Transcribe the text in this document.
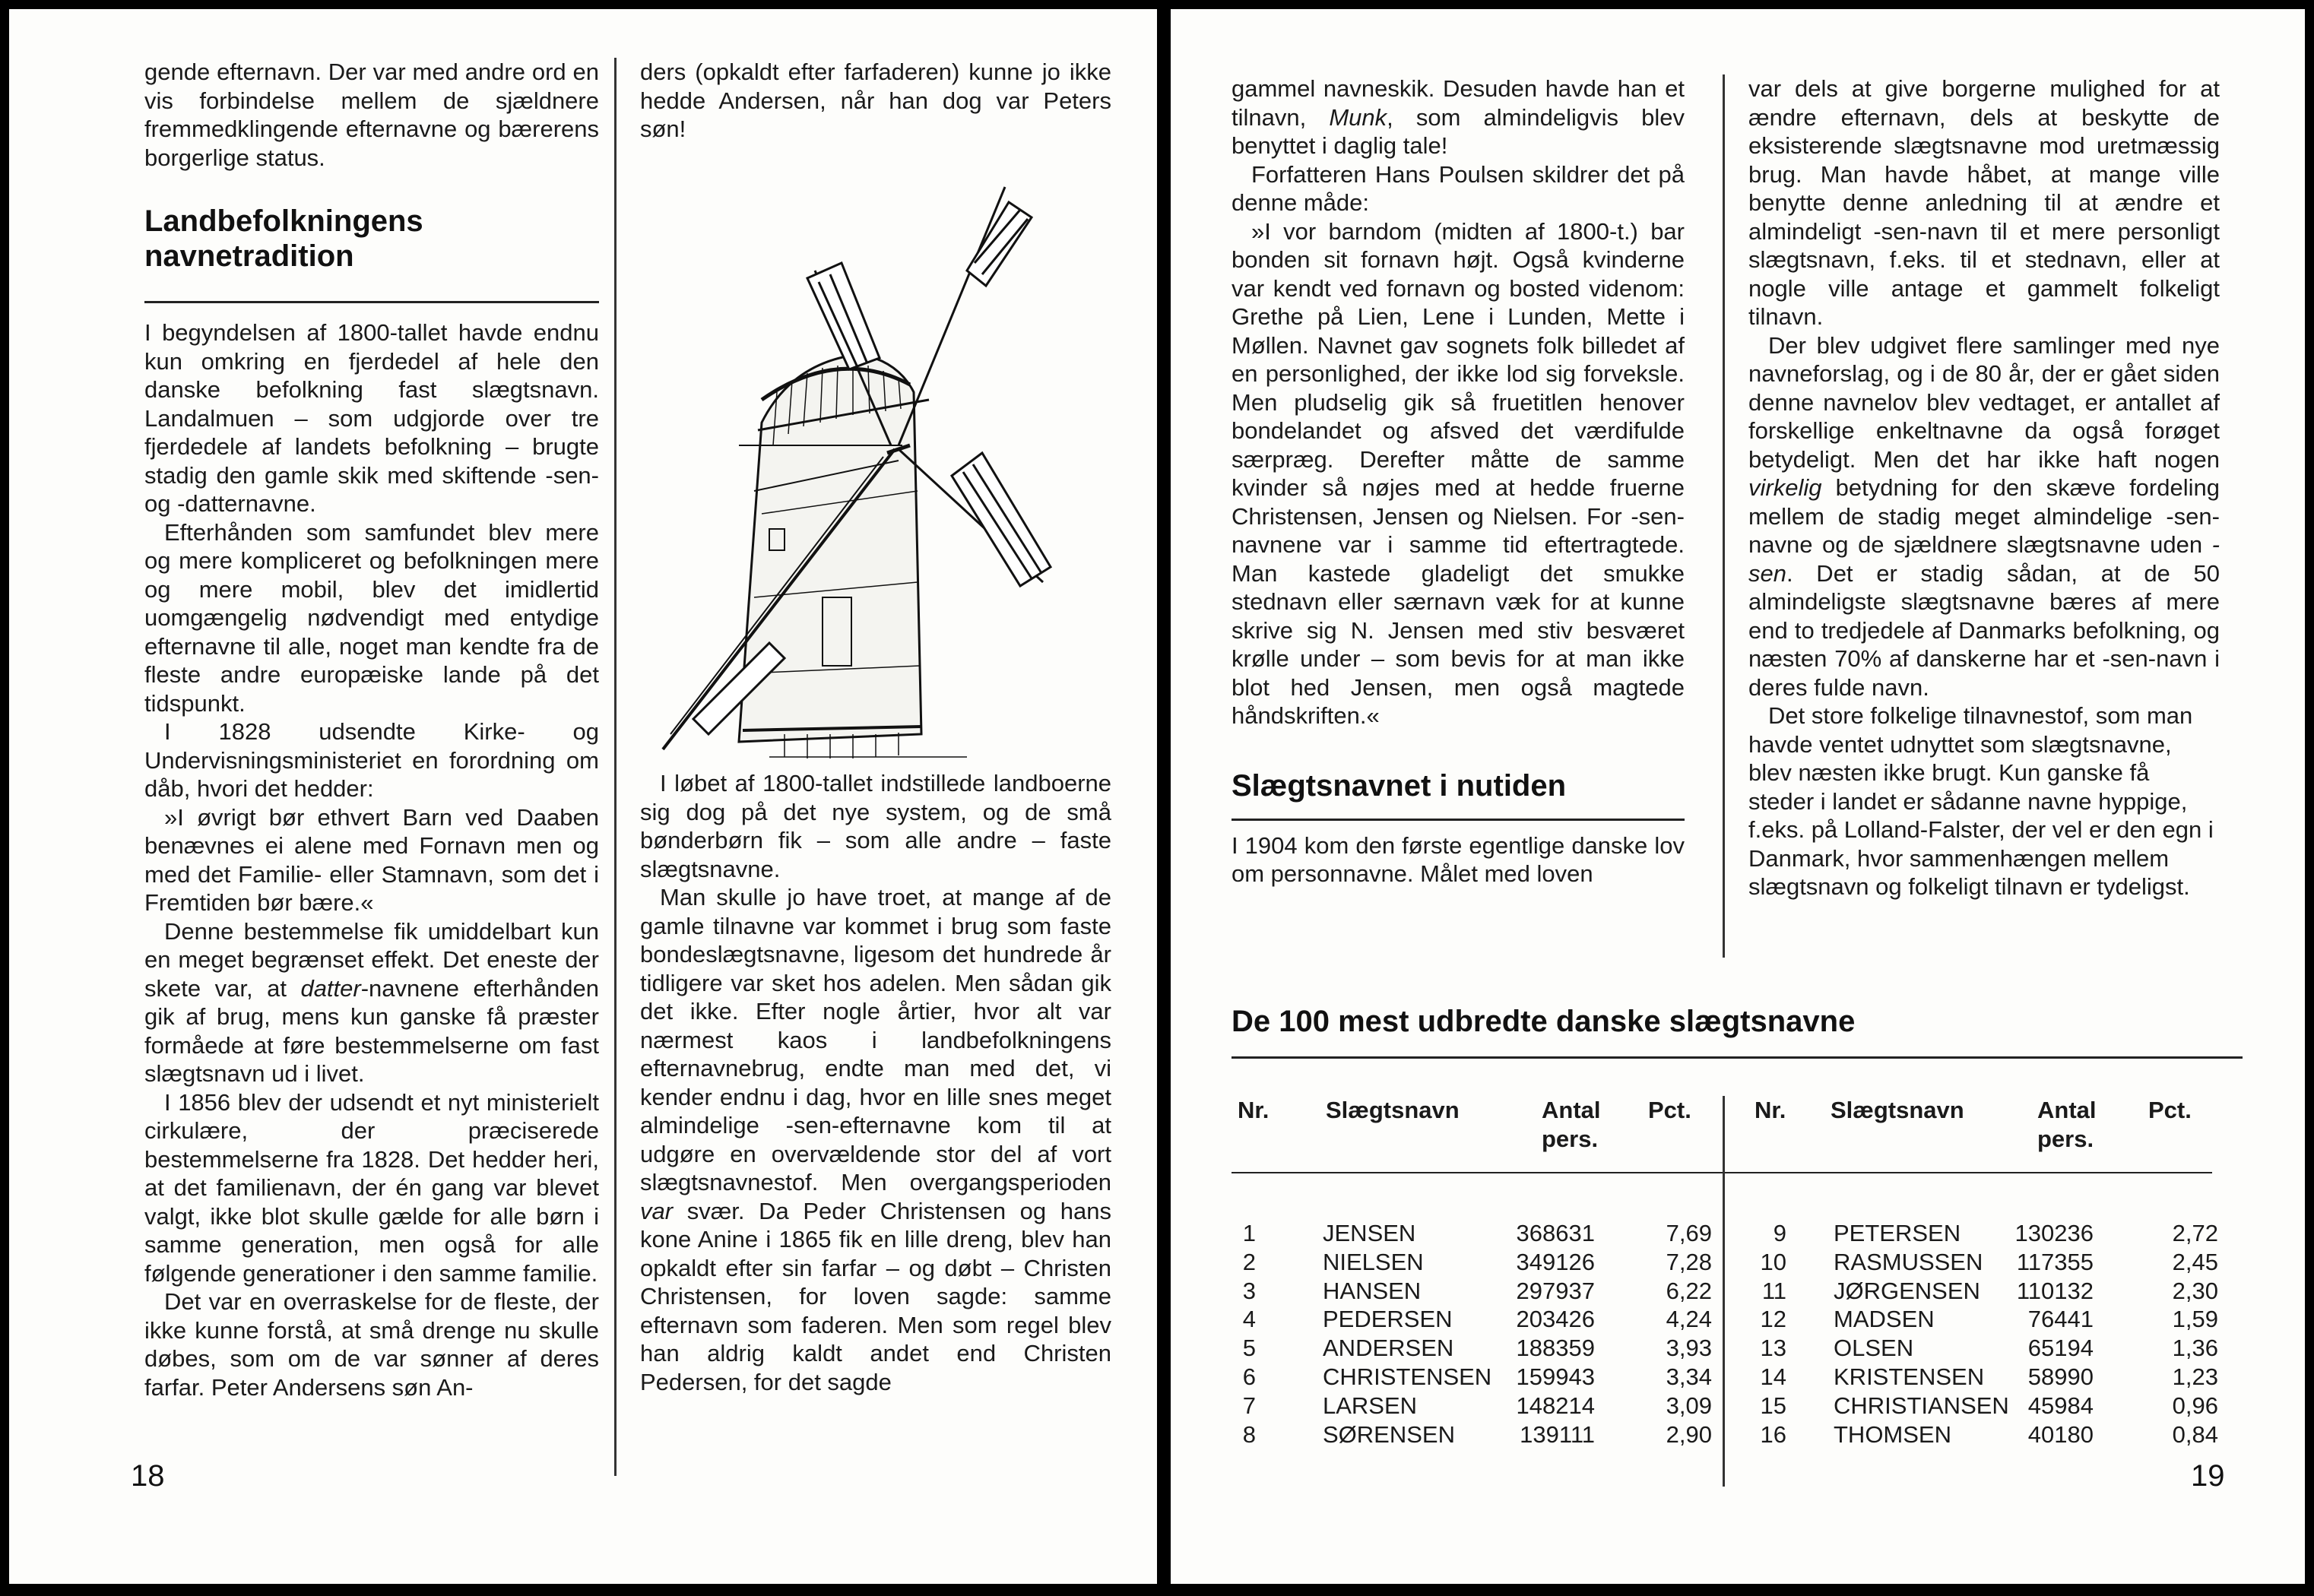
gende efternavn. Der var med andre ord en vis forbindelse mellem de sjældnere fremmedklingende efternavne og bærerens borgerlige status.

Landbefolkningens navnetradition

I begyndelsen af 1800-tallet havde endnu kun omkring en fjerdedel af hele den danske befolkning fast slægtsnavn. Landalmuen – som udgjorde over tre fjerdedele af landets befolkning – brugte stadig den gamle skik med skiftende -sen- og -datternavne.

Efterhånden som samfundet blev mere og mere kompliceret og befolkningen mere og mere mobil, blev det imidlertid uomgængelig nødvendigt med entydige efternavne til alle, noget man kendte fra de fleste andre europæiske lande på det tidspunkt.

I 1828 udsendte Kirke- og Undervisningsministeriet en forordning om dåb, hvori det hedder:

»I øvrigt bør ethvert Barn ved Daaben benævnes ei alene med Fornavn men og med det Familie- eller Stamnavn, som det i Fremtiden bør bære.«

Denne bestemmelse fik umiddelbart kun en meget begrænset effekt. Det eneste der skete var, at datter-navnene efterhånden gik af brug, mens kun ganske få præster formåede at føre bestemmelserne om fast slægtsnavn ud i livet.

I 1856 blev der udsendt et nyt ministerielt cirkulære, der præciserede bestemmelserne fra 1828. Det hedder heri, at det familienavn, der én gang var blevet valgt, ikke blot skulle gælde for alle børn i samme generation, men også for alle følgende generationer i den samme familie.

Det var en overraskelse for de fleste, der ikke kunne forstå, at små drenge nu skulle døbes, som om de var sønner af deres farfar. Peter Andersens søn An-

ders (opkaldt efter farfaderen) kunne jo ikke hedde Andersen, når han dog var Peters søn!

I løbet af 1800-tallet indstillede landboerne sig dog på det nye system, og de små bønderbørn fik – som alle andre – faste slægtsnavne.

Man skulle jo have troet, at mange af de gamle tilnavne var kommet i brug som faste bondeslægtsnavne, ligesom det hundrede år tidligere var sket hos adelen. Men sådan gik det ikke. Efter nogle årtier, hvor alt var nærmest kaos i landbefolkningens efternavnebrug, endte man med det, vi kender endnu i dag, hvor en lille snes meget almindelige -sen-efternavne kom til at udgøre en overvældende stor del af vort slægtsnavnestof. Men overgangsperioden var svær. Da Peder Christensen og hans kone Anine i 1865 fik en lille dreng, blev han opkaldt efter sin farfar – og døbt – Christen Christensen, for loven sagde: samme efternavn som faderen. Men som regel blev han aldrig kaldt andet end Christen Pedersen, for det sagde

18

gammel navneskik. Desuden havde han et tilnavn, Munk, som almindeligvis blev benyttet i daglig tale!

Forfatteren Hans Poulsen skildrer det på denne måde:

»I vor barndom (midten af 1800-t.) bar bonden sit fornavn højt. Også kvinderne var kendt ved fornavn og bosted videnom: Grethe på Lien, Lene i Lunden, Mette i Møllen. Navnet gav sognets folk billedet af en personlighed, der ikke lod sig forveksle. Men pludselig gik så fruetitlen henover bondelandet og afsved det værdifulde særpræg. Derefter måtte de samme kvinder så nøjes med at hedde fruerne Christensen, Jensen og Nielsen. For -sen-navnene var i samme tid eftertragtede. Man kastede gladeligt det smukke stednavn eller særnavn væk for at kunne skrive sig N. Jensen med stiv besværet krølle under – som bevis for at man ikke blot hed Jensen, men også magtede håndskriften.«

Slægtsnavnet i nutiden

I 1904 kom den første egentlige danske lov om personnavne. Målet med loven

var dels at give borgerne mulighed for at ændre efternavn, dels at beskytte de eksisterende slægtsnavne mod uretmæssig brug. Man havde håbet, at mange ville benytte denne anledning til at ændre et almindeligt -sen-navn til et mere personligt slægtsnavn, f.eks. til et stednavn, eller at nogle ville antage et gammelt folkeligt tilnavn.

Der blev udgivet flere samlinger med nye navneforslag, og i de 80 år, der er gået siden denne navnelov blev vedtaget, er antallet af forskellige enkeltnavne da også forøget betydeligt. Men det har ikke haft nogen virkelig betydning for den skæve fordeling mellem de stadig meget almindelige -sen-navne og de sjældnere slægtsnavne uden -sen. Det er stadig sådan, at de 50 almindeligste slægtsnavne bæres af mere end to tredjedele af Danmarks befolkning, og næsten 70% af danskerne har et -sen-navn i deres fulde navn.

Det store folkelige tilnavnestof, som man havde ventet udnyttet som slægtsnavne, blev næsten ikke brugt. Kun ganske få steder i landet er sådanne navne hyppige, f.eks. på Lolland-Falster, der vel er den egn i Danmark, hvor sammenhængen mellem slægtsnavn og folkeligt tilnavn er tydeligst.

De 100 mest udbredte danske slægtsnavne
Nr. Slægtsnavn	Antal
pers.
Pct.	Nr. Slægtsnavn	Antal
pers.
Pct.
1	JENSEN	368631	7,69
2	NIELSEN	349126	7,28
3	HANSEN	297937	6,22
4	PEDERSEN	203426	4,24
5	ANDERSEN	188359	3,93
6	CHRISTENSEN	159943	3,34
7	LARSEN	148214	3,09
8	SØRENSEN	139111	2,90
9 PETERSEN	130236	2,72
10 RASMUSSEN	117355	2,45
11 JØRGENSEN	110132	2,30
12 MADSEN	76441	1,59
13 OLSEN	65194	1,36
14 KRISTENSEN	58990	1,23
15 CHRISTIANSEN 45984	0,96
16 THOMSEN	40180	0,84
19
